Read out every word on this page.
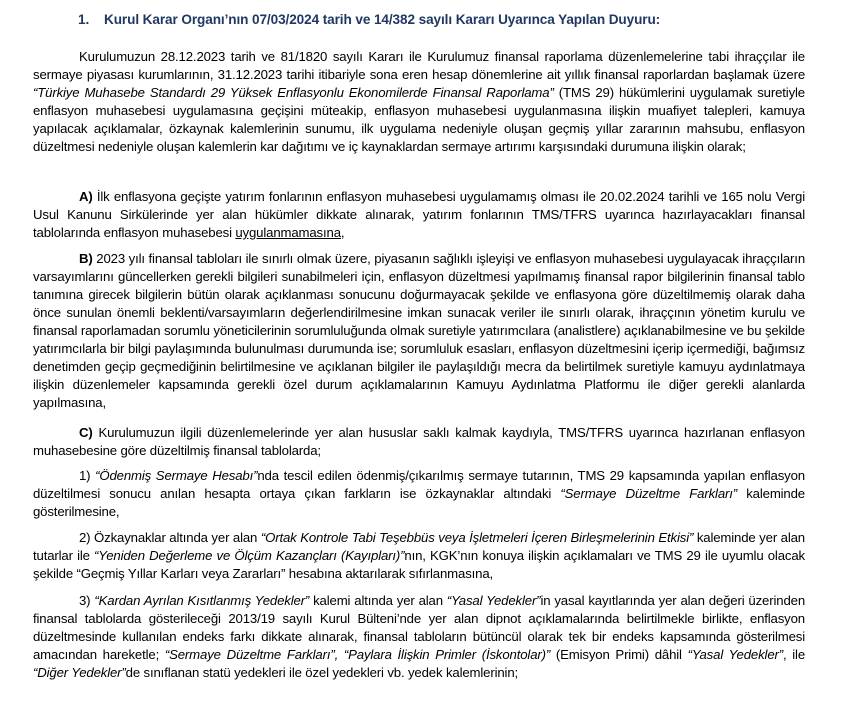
1. Kurul Karar Organı’nın 07/03/2024 tarih ve 14/382 sayılı Kararı Uyarınca Yapılan Duyuru:

Kurulumuzun 28.12.2023 tarih ve 81/1820 sayılı Kararı ile Kurulumuz finansal raporlama düzenlemelerine tabi ihraççılar ile sermaye piyasası kurumlarının, 31.12.2023 tarihi itibariyle sona eren hesap dönemlerine ait yıllık finansal raporlardan başlamak üzere “Türkiye Muhasebe Standardı 29 Yüksek Enflasyonlu Ekonomilerde Finansal Raporlama” (TMS 29) hükümlerini uygulamak suretiyle enflasyon muhasebesi uygulamasına geçişini müteakip, enflasyon muhasebesi uygulanmasına ilişkin muafiyet talepleri, kamuya yapılacak açıklamalar, özkaynak kalemlerinin sunumu, ilk uygulama nedeniyle oluşan geçmiş yıllar zararının mahsubu, enflasyon düzeltmesi nedeniyle oluşan kalemlerin kar dağıtımı ve iç kaynaklardan sermaye artırımı karşısındaki durumuna ilişkin olarak;

A) İlk enflasyona geçişte yatırım fonlarının enflasyon muhasebesi uygulamamış olması ile 20.02.2024 tarihli ve 165 nolu Vergi Usul Kanunu Sirkülerinde yer alan hükümler dikkate alınarak, yatırım fonlarının TMS/TFRS uyarınca hazırlayacakları finansal tablolarında enflasyon muhasebesi uygulanmamasına,

B) 2023 yılı finansal tabloları ile sınırlı olmak üzere, piyasanın sağlıklı işleyişi ve enflasyon muhasebesi uygulayacak ihraççıların varsayımlarını güncellerken gerekli bilgileri sunabilmeleri için, enflasyon düzeltmesi yapılmamış finansal rapor bilgilerinin finansal tablo tanımına girecek bilgilerin bütün olarak açıklanması sonucunu doğurmayacak şekilde ve enflasyona göre düzeltilmemiş olarak daha önce sunulan önemli beklenti/varsayımların değerlendirilmesine imkan sunacak veriler ile sınırlı olarak, ihraççının yönetim kurulu ve finansal raporlamadan sorumlu yöneticilerinin sorumluluğunda olmak suretiyle yatırımcılara (analistlere) açıklanabilmesine ve bu şekilde yatırımcılarla bir bilgi paylaşımında bulunulması durumunda ise; sorumluluk esasları, enflasyon düzeltmesini içerip içermediği, bağımsız denetimden geçip geçmediğinin belirtilmesine ve açıklanan bilgiler ile paylaşıldığı mecra da belirtilmek suretiyle kamuyu aydınlatmaya ilişkin düzenlemeler kapsamında gerekli özel durum açıklamalarının Kamuyu Aydınlatma Platformu ile diğer gerekli alanlarda yapılmasına,

C) Kurulumuzun ilgili düzenlemelerinde yer alan hususlar saklı kalmak kaydıyla, TMS/TFRS uyarınca hazırlanan enflasyon muhasebesine göre düzeltilmiş finansal tablolarda;

1) “Ödenmiş Sermaye Hesabı”nda tescil edilen ödenmiş/çıkarılmış sermaye tutarının, TMS 29 kapsamında yapılan enflasyon düzeltilmesi sonucu anılan hesapta ortaya çıkan farkların ise özkaynaklar altındaki “Sermaye Düzeltme Farkları” kaleminde gösterilmesine,

2) Özkaynaklar altında yer alan “Ortak Kontrole Tabi Teşebbüs veya İşletmeleri İçeren Birleşmelerinin Etkisi” kaleminde yer alan tutarlar ile “Yeniden Değerleme ve Ölçüm Kazançları (Kayıpları)”nın, KGK’nın konuya ilişkin açıklamaları ve TMS 29 ile uyumlu olacak şekilde “Geçmiş Yıllar Karları veya Zararları” hesabına aktarılarak sıfırlanmasına,

3) “Kardan Ayrılan Kısıtlanmış Yedekler” kalemi altında yer alan “Yasal Yedekler”in yasal kayıtlarında yer alan değeri üzerinden finansal tablolarda gösterileceği 2013/19 sayılı Kurul Bülteni’nde yer alan dipnot açıklamalarında belirtilmekle birlikte, enflasyon düzeltmesinde kullanılan endeks farkı dikkate alınarak, finansal tabloların bütüncül olarak tek bir endeks kapsamında gösterilmesi amacından hareketle; “Sermaye Düzeltme Farkları”, “Paylara İlişkin Primler (İskontolar)” (Emisyon Primi) dâhil “Yasal Yedekler”, ile “Diğer Yedekler”de sınıflanan statü yedekleri ile özel yedekleri vb. yedek kalemlerinin;
